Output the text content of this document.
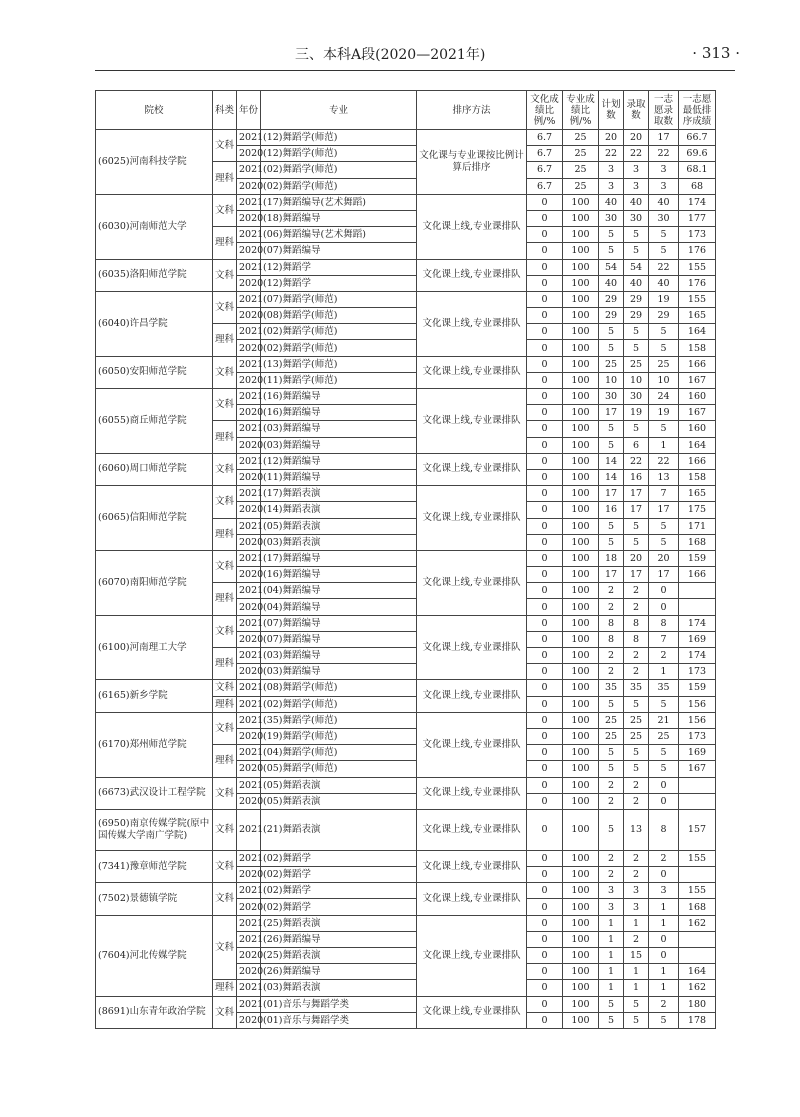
三、本科A段(2020—2021年)	· 313 ·
院校	科类	年份	专业	排序方法	文化成绩比例/%	专业成绩比例/%	计划数	录取数	一志愿录取数	一志愿最低排序成绩
(6025)河南科技学院	文科	2021	(12)舞蹈学(师范)	文化课与专业课按比例计算后排序	6.7	25	20	20	17	66.7
		2020	(12)舞蹈学(师范)		6.7	25	22	22	22	69.6
	理科	2021	(02)舞蹈学(师范)		6.7	25	3	3	3	68.1
		2020	(02)舞蹈学(师范)		6.7	25	3	3	3	68
(6030)河南师范大学	文科	2021	(17)舞蹈编导(艺术舞蹈)	文化课上线,专业课排队	0	100	40	40	40	174
		2020	(18)舞蹈编导		0	100	30	30	30	177
	理科	2021	(06)舞蹈编导(艺术舞蹈)		0	100	5	5	5	173
		2020	(07)舞蹈编导		0	100	5	5	5	176
(6035)洛阳师范学院	文科	2021	(12)舞蹈学	文化课上线,专业课排队	0	100	54	54	22	155
		2020	(12)舞蹈学		0	100	40	40	40	176
(6040)许昌学院	文科	2021	(07)舞蹈学(师范)	文化课上线,专业课排队	0	100	29	29	19	155
		2020	(08)舞蹈学(师范)		0	100	29	29	29	165
	理科	2021	(02)舞蹈学(师范)		0	100	5	5	5	164
		2020	(02)舞蹈学(师范)		0	100	5	5	5	158
(6050)安阳师范学院	文科	2021	(13)舞蹈学(师范)	文化课上线,专业课排队	0	100	25	25	25	166
		2020	(11)舞蹈学(师范)		0	100	10	10	10	167
(6055)商丘师范学院	文科	2021	(16)舞蹈编导	文化课上线,专业课排队	0	100	30	30	24	160
		2020	(16)舞蹈编导		0	100	17	19	19	167
	理科	2021	(03)舞蹈编导		0	100	5	5	5	160
		2020	(03)舞蹈编导		0	100	5	6	1	164
(6060)周口师范学院	文科	2021	(12)舞蹈编导	文化课上线,专业课排队	0	100	14	22	22	166
		2020	(11)舞蹈编导		0	100	14	16	13	158
(6065)信阳师范学院	文科	2021	(17)舞蹈表演	文化课上线,专业课排队	0	100	17	17	7	165
		2020	(14)舞蹈表演		0	100	16	17	17	175
	理科	2021	(05)舞蹈表演		0	100	5	5	5	171
		2020	(03)舞蹈表演		0	100	5	5	5	168
(6070)南阳师范学院	文科	2021	(17)舞蹈编导	文化课上线,专业课排队	0	100	18	20	20	159
		2020	(16)舞蹈编导		0	100	17	17	17	166
	理科	2021	(04)舞蹈编导		0	100	2	2	0	
		2020	(04)舞蹈编导		0	100	2	2	0	
(6100)河南理工大学	文科	2021	(07)舞蹈编导	文化课上线,专业课排队	0	100	8	8	8	174
		2020	(07)舞蹈编导		0	100	8	8	7	169
	理科	2021	(03)舞蹈编导		0	100	2	2	2	174
		2020	(03)舞蹈编导		0	100	2	2	1	173
(6165)新乡学院	文科	2021	(08)舞蹈学(师范)	文化课上线,专业课排队	0	100	35	35	35	159
	理科	2021	(02)舞蹈学(师范)		0	100	5	5	5	156
(6170)郑州师范学院	文科	2021	(35)舞蹈学(师范)	文化课上线,专业课排队	0	100	25	25	21	156
		2020	(19)舞蹈学(师范)		0	100	25	25	25	173
	理科	2021	(04)舞蹈学(师范)		0	100	5	5	5	169
		2020	(05)舞蹈学(师范)		0	100	5	5	5	167
(6673)武汉设计工程学院	文科	2021	(05)舞蹈表演	文化课上线,专业课排队	0	100	2	2	0	
		2020	(05)舞蹈表演		0	100	2	2	0	
(6950)南京传媒学院(原中国传媒大学南广学院)	文科	2021	(21)舞蹈表演	文化课上线,专业课排队	0	100	5	13	8	157
(7341)豫章师范学院	文科	2021	(02)舞蹈学	文化课上线,专业课排队	0	100	2	2	2	155
		2020	(02)舞蹈学		0	100	2	2	0	
(7502)景德镇学院	文科	2021	(02)舞蹈学	文化课上线,专业课排队	0	100	3	3	3	155
		2020	(02)舞蹈学		0	100	3	3	1	168
(7604)河北传媒学院	文科	2021	(25)舞蹈表演	文化课上线,专业课排队	0	100	1	1	1	162
		2021	(26)舞蹈编导		0	100	1	2	0	
		2020	(25)舞蹈表演		0	100	1	15	0	
		2020	(26)舞蹈编导		0	100	1	1	1	164
	理科	2021	(03)舞蹈表演		0	100	1	1	1	162
(8691)山东青年政治学院	文科	2021	(01)音乐与舞蹈学类	文化课上线,专业课排队	0	100	5	5	2	180
		2020	(01)音乐与舞蹈学类		0	100	5	5	5	178
